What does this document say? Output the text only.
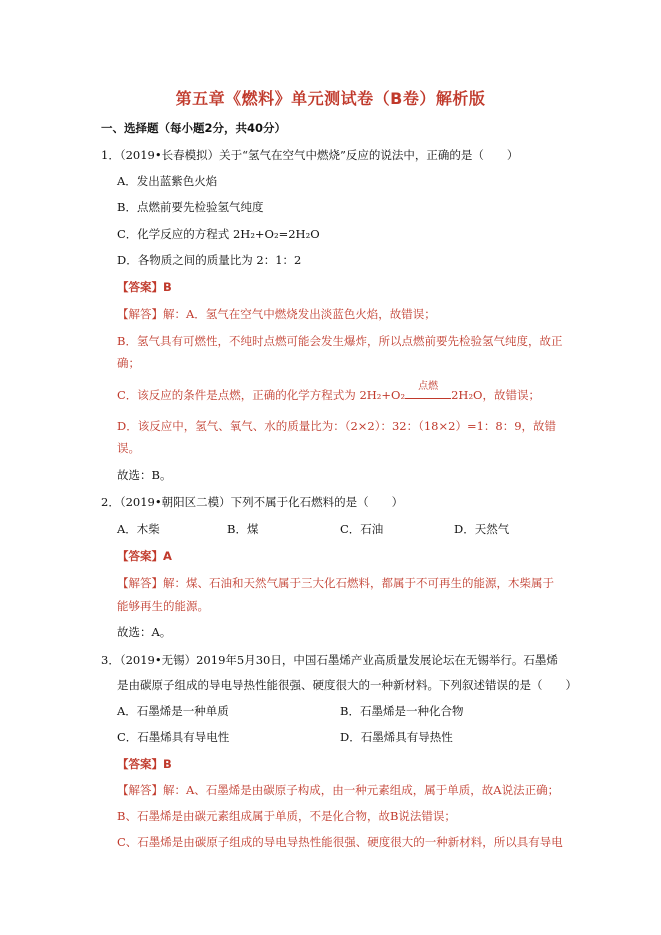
第五章《燃料》单元测试卷（B卷）解析版
一、选择题（每小题2分，共40分）
1．（2019•长春模拟）关于“氢气在空气中燃烧”反应的说法中，正确的是（　　）
A．发出蓝紫色火焰
B．点燃前要先检验氢气纯度
C．化学反应的方程式 2H₂+O₂=2H₂O
D．各物质之间的质量比为 2：1：2
【答案】B
【解答】解：A．氢气在空气中燃烧发出淡蓝色火焰，故错误；
B．氢气具有可燃性，不纯时点燃可能会发生爆炸，所以点燃前要先检验氢气纯度，故正
确；
C．该反应的条件是点燃，正确的化学方程式为 2H₂+O₂
点燃
2H₂O，故错误；
D．该反应中，氢气、氧气、水的质量比为：（2×2）：32：（18×2）=1：8：9，故错
误。
故选：B。
2．（2019•朝阳区二模）下列不属于化石燃料的是（　　）
A．木柴	B．煤	C．石油	D．天然气
【答案】A
【解答】解：煤、石油和天然气属于三大化石燃料，都属于不可再生的能源，木柴属于
能够再生的能源。
故选：A。
3．（2019•无锡）2019年5月30日，中国石墨烯产业高质量发展论坛在无锡举行。石墨烯
是由碳原子组成的导电导热性能很强、硬度很大的一种新材料。下列叙述错误的是（　　）
A．石墨烯是一种单质	B．石墨烯是一种化合物
C．石墨烯具有导电性	D．石墨烯具有导热性
【答案】B
【解答】解：A、石墨烯是由碳原子构成，由一种元素组成，属于单质，故A说法正确；
B、石墨烯是由碳元素组成属于单质，不是化合物，故B说法错误；
C、石墨烯是由碳原子组成的导电导热性能很强、硬度很大的一种新材料，所以具有导电
